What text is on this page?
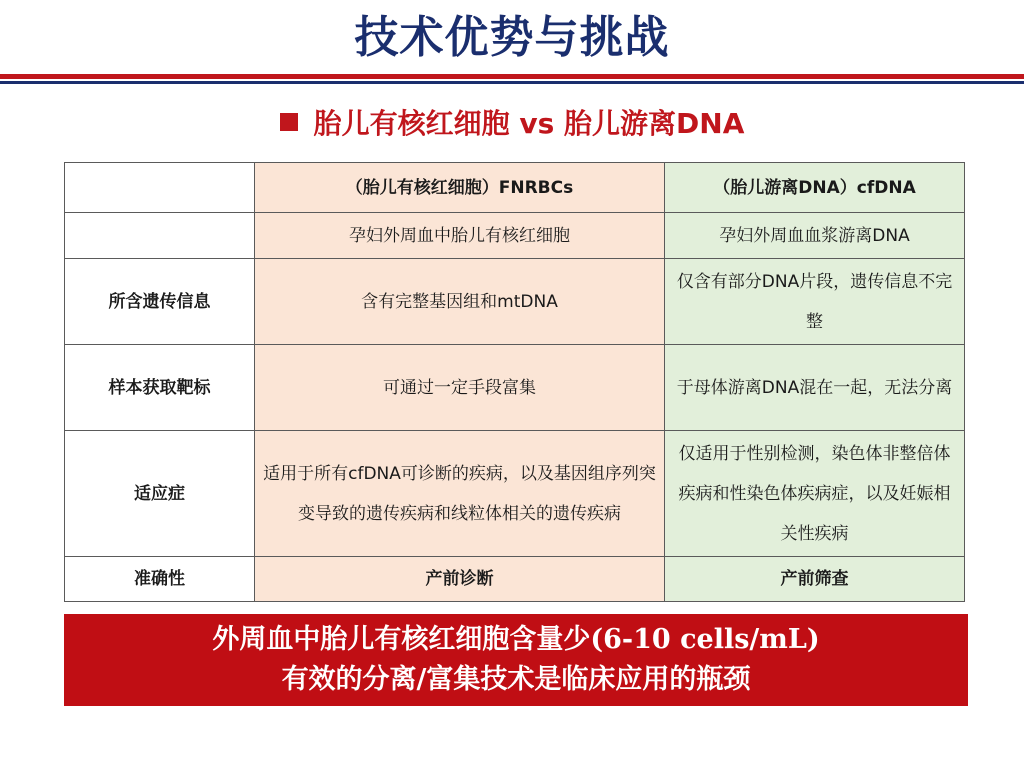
技术优势与挑战
胎儿有核红细胞 vs 胎儿游离DNA
	（胎儿有核红细胞）FNRBCs	（胎儿游离DNA）cfDNA
	孕妇外周血中胎儿有核红细胞	孕妇外周血血浆游离DNA
所含遗传信息	含有完整基因组和mtDNA	仅含有部分DNA片段，遗传信息不完整
样本获取靶标	可通过一定手段富集	于母体游离DNA混在一起，无法分离
适应症	适用于所有cfDNA可诊断的疾病，以及基因组序列突变导致的遗传疾病和线粒体相关的遗传疾病	仅适用于性别检测，染色体非整倍体疾病和性染色体疾病症，以及妊娠相关性疾病
准确性	产前诊断	产前筛查
外周血中胎儿有核红细胞含量少(6-10 cells/mL)
有效的分离/富集技术是临床应用的瓶颈
